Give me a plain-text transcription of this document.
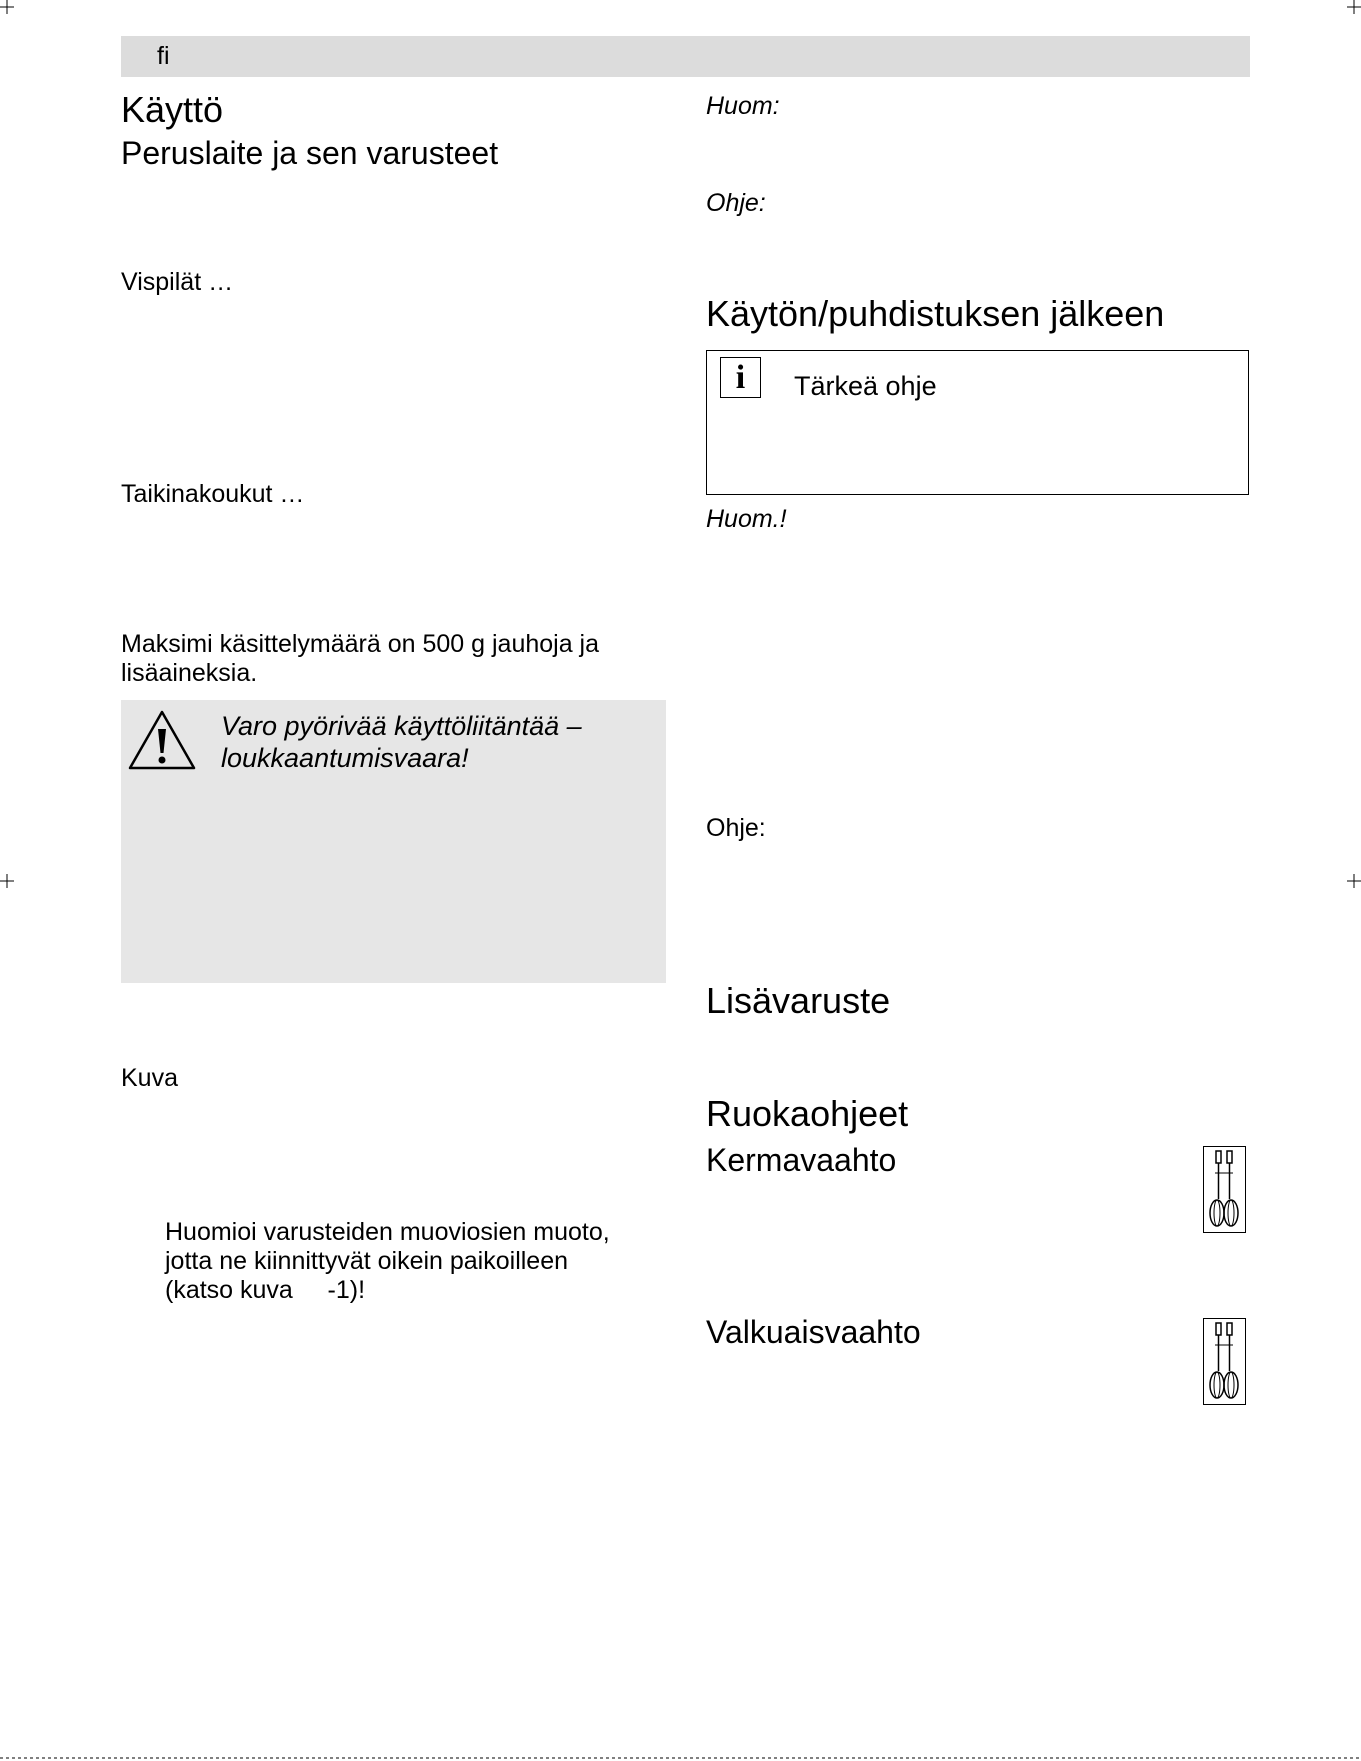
fi
Käyttö
Peruslaite ja sen varusteet
Vispilät …
Taikinakoukut …
Maksimi käsittelymäärä on 500 g jauhoja ja
lisäaineksia.
Varo pyörivää käyttöliitäntää –
loukkaantumisvaara!
Kuva
Huomioi varusteiden muoviosien muoto,
jotta ne kiinnittyvät oikein paikoilleen
(katso kuva     -1)!
Huom:
Ohje:
Käytön/puhdistuksen jälkeen
i	Tärkeä ohje
Huom.!
Ohje:
Lisävaruste
Ruokaohjeet
Kermavaahto
Valkuaisvaahto
